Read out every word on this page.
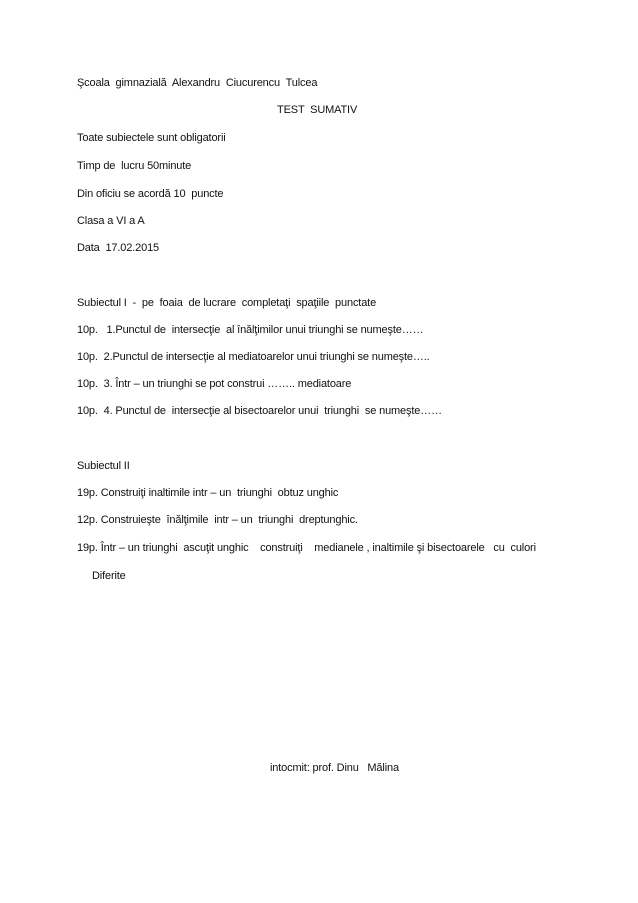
Şcoala  gimnazială  Alexandru  Ciucurencu  Tulcea
TEST  SUMATIV
Toate subiectele sunt obligatorii
Timp de  lucru 50minute
Din oficiu se acordă 10  puncte
Clasa a VI a A
Data  17.02.2015
Subiectul I  -  pe  foaia  de lucrare  completaţi  spaţiile  punctate
10p.   1.Punctul de  intersecţie  al înălţimilor unui triunghi se numeşte……
10p.  2.Punctul de intersecţie al mediatoarelor unui triunghi se numeşte…..
10p.  3. Într – un triunghi se pot construi …….. mediatoare
10p.  4. Punctul de  intersecţie al bisectoarelor unui  triunghi  se numeşte……
Subiectul II
19p. Construiţi inaltimile intr – un  triunghi  obtuz unghic
12p. Construieşte  înălţimile  intr – un  triunghi  dreptunghic.
19p. Într – un triunghi  ascuţit unghic    construiţi    medianele , inaltimile şi bisectoarele   cu  culori
Diferite
intocmit: prof. Dinu   Mălina
